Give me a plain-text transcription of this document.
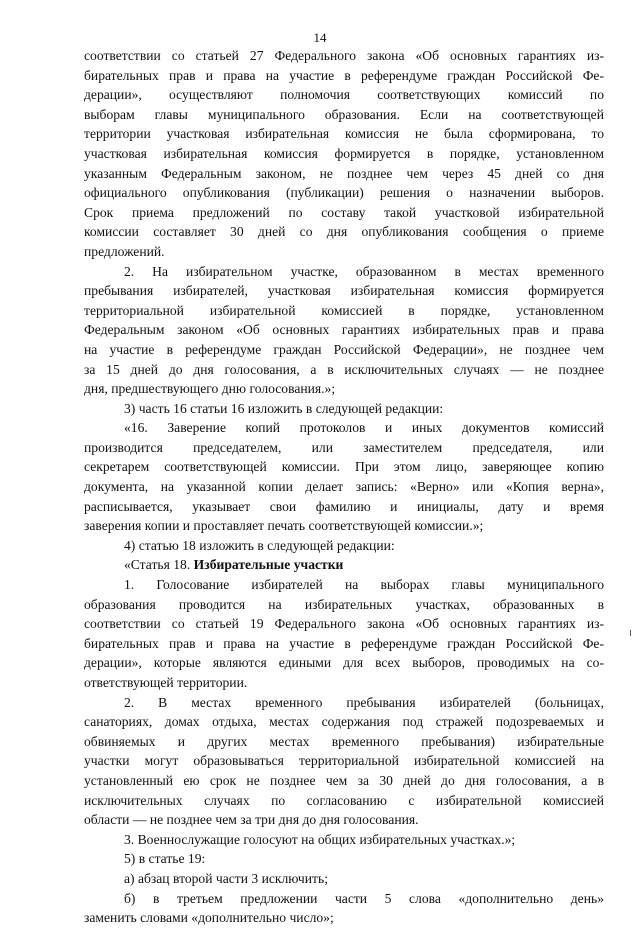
14
соответствии со статьей 27 Федерального закона «Об основных гарантиях из-
бирательных прав и права на участие в референдуме граждан Российской Фе-
дерации», осуществляют полномочия соответствующих комиссий по
выборам главы муниципального образования. Если на соответствующей
территории участковая избирательная комиссия не была сформирована, то
участковая избирательная комиссия формируется в порядке, установленном
указанным Федеральным законом, не позднее чем через 45 дней со дня
официального опубликования (публикации) решения о назначении выборов.
Срок приема предложений по составу такой участковой избирательной
комиссии составляет 30 дней со дня опубликования сообщения о приеме
предложений.
2. На избирательном участке, образованном в местах временного
пребывания избирателей, участковая избирательная комиссия формируется
территориальной избирательной комиссией в порядке, установленном
Федеральным законом «Об основных гарантиях избирательных прав и права
на участие в референдуме граждан Российской Федерации», не позднее чем
за 15 дней до дня голосования, а в исключительных случаях — не позднее
дня, предшествующего дню голосования.»;
3) часть 16 статьи 16 изложить в следующей редакции:
«16. Заверение копий протоколов и иных документов комиссий
производится председателем, или заместителем председателя, или
секретарем соответствующей комиссии. При этом лицо, заверяющее копию
документа, на указанной копии делает запись: «Верно» или «Копия верна»,
расписывается, указывает свои фамилию и инициалы, дату и время
заверения копии и проставляет печать соответствующей комиссии.»;
4) статью 18 изложить в следующей редакции:
«Статья 18. Избирательные участки
1. Голосование избирателей на выборах главы муниципального
образования проводится на избирательных участках, образованных в
соответствии со статьей 19 Федерального закона «Об основных гарантиях из-
бирательных прав и права на участие в референдуме граждан Российской Фе-
дерации», которые являются едиными для всех выборов, проводимых на со-
ответствующей территории.
2. В местах временного пребывания избирателей (больницах,
санаториях, домах отдыха, местах содержания под стражей подозреваемых и
обвиняемых и других местах временного пребывания) избирательные
участки могут образовываться территориальной избирательной комиссией на
установленный ею срок не позднее чем за 30 дней до дня голосования, а в
исключительных случаях по согласованию с избирательной комиссией
области — не позднее чем за три дня до дня голосования.
3. Военнослужащие голосуют на общих избирательных участках.»;
5) в статье 19:
а) абзац второй части 3 исключить;
б) в третьем предложении части 5 слова «дополнительно день»
заменить словами «дополнительно число»;
